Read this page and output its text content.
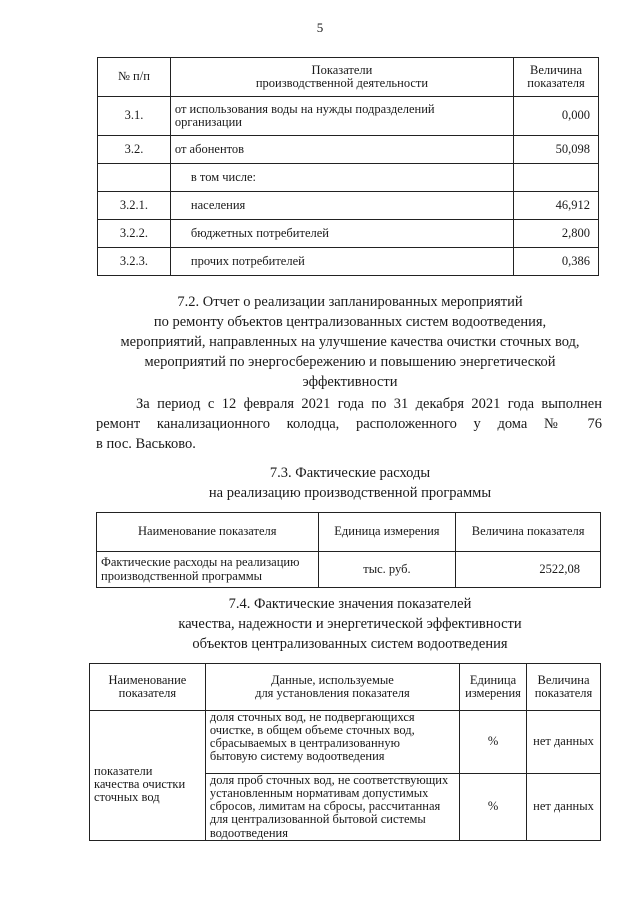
5
№ п/п	Показатели
производственной деятельности	Величина
показателя

3.1.	от использования воды на нужды подразделений
организации	0,000
3.2.	от абонентов	50,098
	в том числе:	
3.2.1.	населения	46,912
3.2.2.	бюджетных потребителей	2,800
3.2.3.	прочих потребителей	0,386
7.2. Отчет о реализации запланированных мероприятий
по ремонту объектов централизованных систем водоотведения,
мероприятий, направленных на улучшение качества очистки сточных вод,
мероприятий по энергосбережению и повышению энергетической
эффективности
За период с 12 февраля 2021 года по 31 декабря 2021 года выполнен
ремонт канализационного колодца, расположенного у дома № 76
в пос. Васьково.
7.3. Фактические расходы
на реализацию производственной программы
Наименование показателя	Единица измерения	Величина показателя

Фактические расходы на реализацию
производственной программы	тыс. руб.	2522,08
7.4. Фактические значения показателей
качества, надежности и энергетической эффективности
объектов централизованных систем водоотведения
Наименование
показателя	Данные, используемые
для установления показателя	Единица
измерения	Величина
показателя

показатели
качества очистки
сточных вод	доля сточных вод, не подвергающихся
очистке, в общем объеме сточных вод,
сбрасываемых в централизованную
бытовую систему водоотведения	%	нет данных

	доля проб сточных вод, не соответствующих
установленным нормативам допустимых
сбросов, лимитам на сбросы, рассчитанная
для централизованной бытовой системы
водоотведения	%	нет данных
